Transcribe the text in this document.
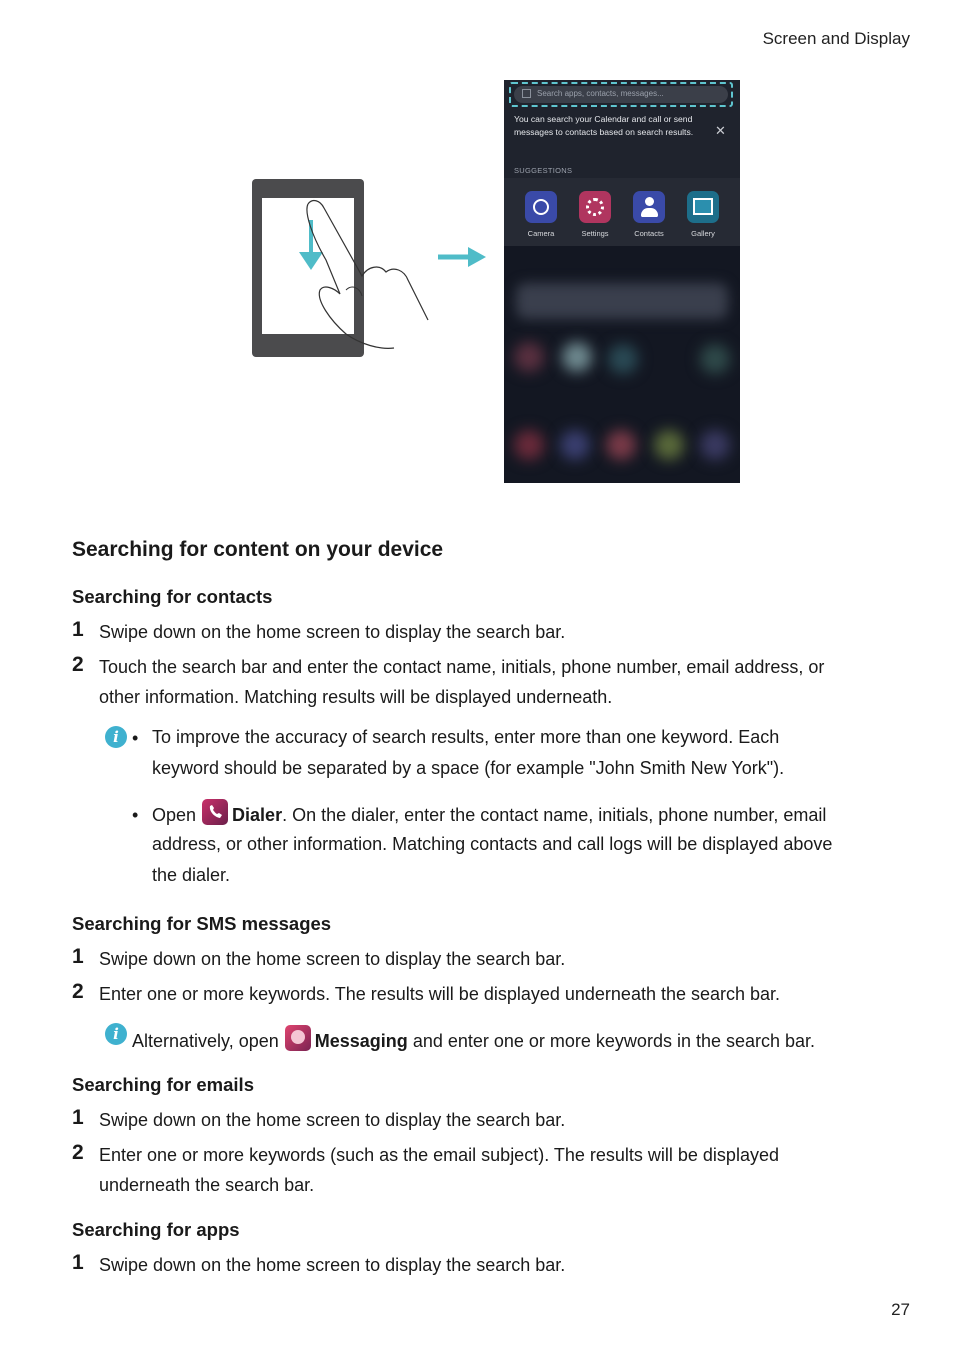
Screen and Display
Search apps, contacts, messages...
You can search your Calendar and call or send messages to contacts based on search results.	✕
SUGGESTIONS
Camera	Settings	Contacts	Gallery
Searching for content on your device
Searching for contacts
1 Swipe down on the home screen to display the search bar.
2 Touch the search bar and enter the contact name, initials, phone number, email address, or
other information. Matching results will be displayed underneath.
i • To improve the accuracy of search results, enter more than one keyword. Each
keyword should be separated by a space (for example "John Smith New York").
• Open Dialer. On the dialer, enter the contact name, initials, phone number, email
address, or other information. Matching contacts and call logs will be displayed above
the dialer.
Searching for SMS messages
1 Swipe down on the home screen to display the search bar.
2 Enter one or more keywords. The results will be displayed underneath the search bar.
i Alternatively, open Messaging and enter one or more keywords in the search bar.
Searching for emails
1 Swipe down on the home screen to display the search bar.
2 Enter one or more keywords (such as the email subject). The results will be displayed
underneath the search bar.
Searching for apps
1 Swipe down on the home screen to display the search bar.
27
